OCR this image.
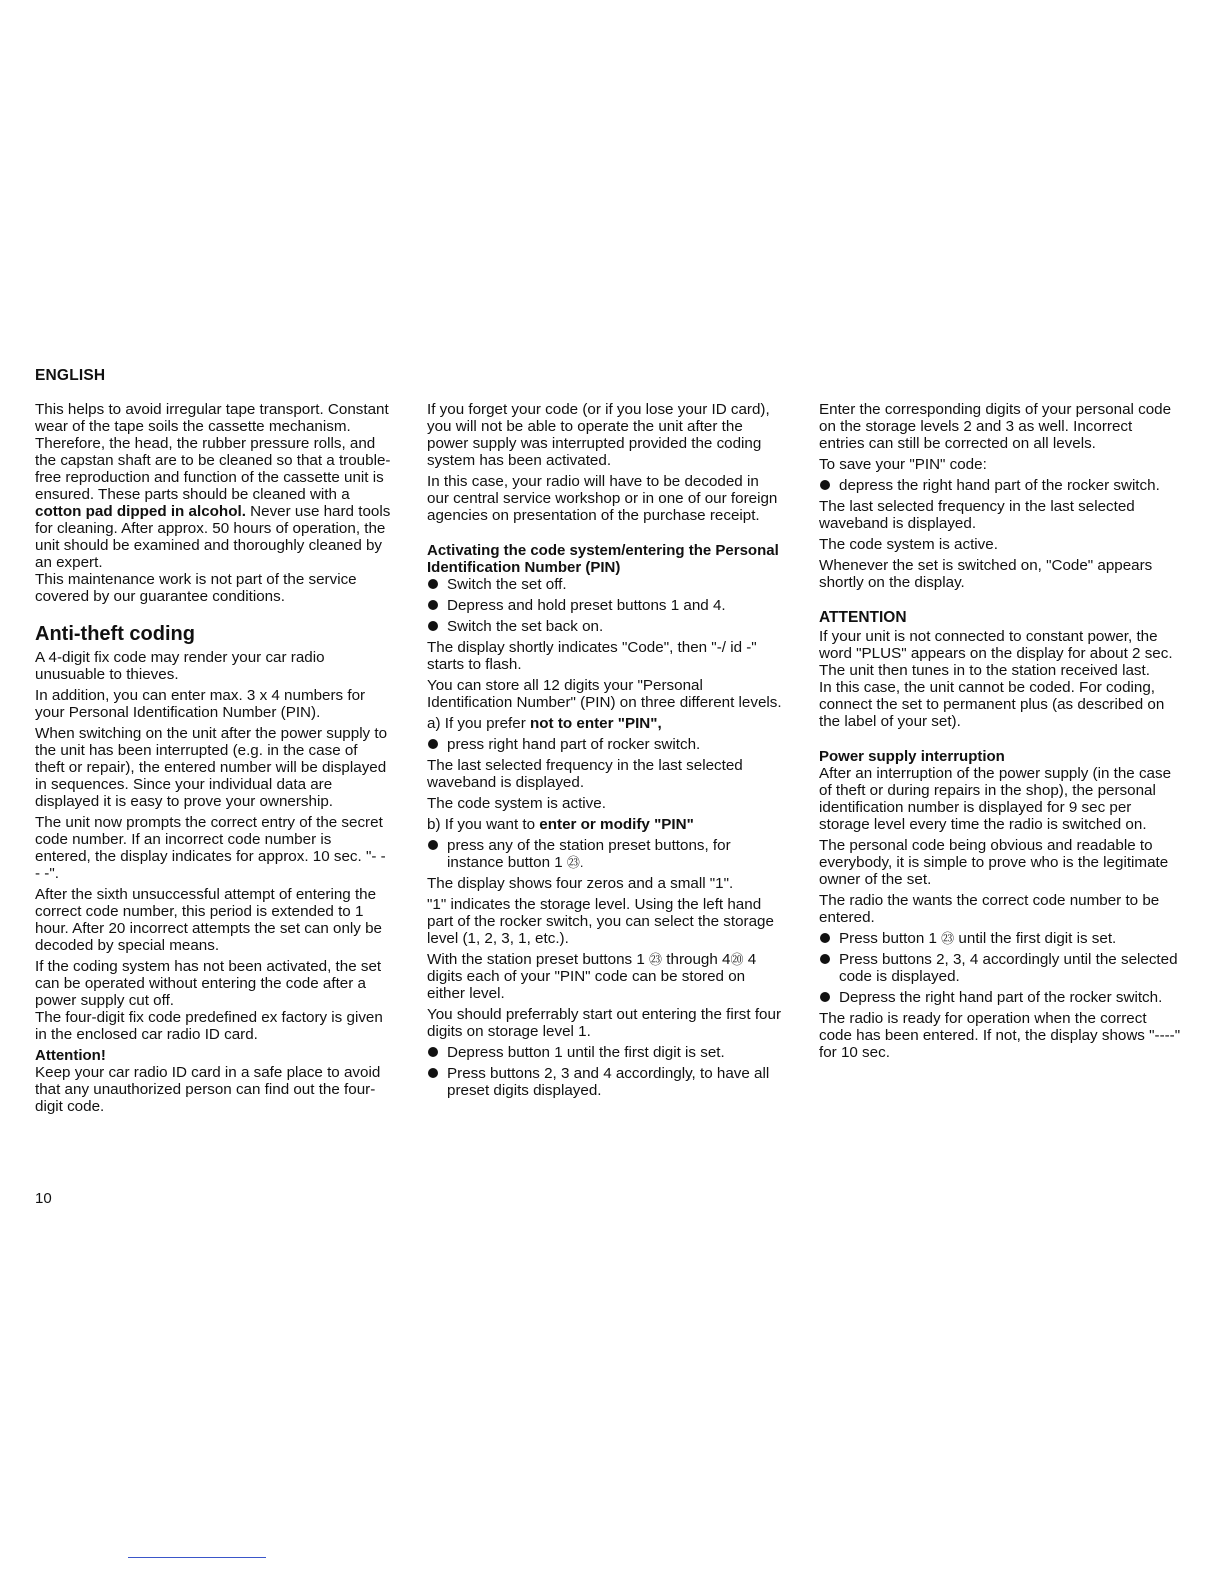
ENGLISH

This helps to avoid irregular tape transport. Constant wear of the tape soils the cassette mechanism. Therefore, the head, the rubber pressure rolls, and the capstan shaft are to be cleaned so that a trouble-free reproduction and function of the cassette unit is ensured. These parts should be cleaned with a cotton pad dipped in alcohol. Never use hard tools for cleaning. After approx. 50 hours of operation, the unit should be examined and thoroughly cleaned by an expert.

This maintenance work is not part of the service covered by our guarantee conditions.

Anti-theft coding

A 4-digit fix code may render your car radio unusuable to thieves.

In addition, you can enter max. 3 x 4 numbers for your Personal Identification Number (PIN).

When switching on the unit after the power supply to the unit has been interrupted (e.g. in the case of theft or repair), the entered number will be displayed in sequences. Since your individual data are displayed it is easy to prove your ownership.

The unit now prompts the correct entry of the secret code number. If an incorrect code number is entered, the display indicates for approx. 10 sec. "- - - -".

After the sixth unsuccessful attempt of entering the correct code number, this period is extended to 1 hour. After 20 incorrect attempts the set can only be decoded by special means.

If the coding system has not been activated, the set can be operated without entering the code after a power supply cut off.

The four-digit fix code predefined ex factory is given in the enclosed car radio ID card.

Attention!

Keep your car radio ID card in a safe place to avoid that any unauthorized person can find out the four-digit code.

If you forget your code (or if you lose your ID card), you will not be able to operate the unit after the power supply was interrupted provided the coding system has been activated.

In this case, your radio will have to be decoded in our central service workshop or in one of our foreign agencies on presentation of the purchase receipt.

Activating the code system/entering the Personal Identification Number (PIN)

Switch the set off.

Depress and hold preset buttons 1 and 4.

Switch the set back on.

The display shortly indicates "Code", then "-/ id -" starts to flash.

You can store all 12 digits your "Personal Identification Number" (PIN) on three different levels.

a) If you prefer not to enter "PIN",

press right hand part of rocker switch.

The last selected frequency in the last selected waveband is displayed.

The code system is active.

b) If you want to enter or modify "PIN"

press any of the station preset buttons, for instance button 1 ㉓.

The display shows four zeros and a small "1".

"1" indicates the storage level. Using the left hand part of the rocker switch, you can select the storage level (1, 2, 3, 1, etc.).

With the station preset buttons 1 ㉓ through 4⑳ 4 digits each of your "PIN" code can be stored on either level.

You should preferrably start out entering the first four digits on storage level 1.

Depress button 1 until the first digit is set.

Press buttons 2, 3 and 4 accordingly, to have all preset digits displayed.

Enter the corresponding digits of your personal code on the storage levels 2 and 3 as well. Incorrect entries can still be corrected on all levels.

To save your "PIN" code:

depress the right hand part of the rocker switch.

The last selected frequency in the last selected waveband is displayed.

The code system is active.

Whenever the set is switched on, "Code" appears shortly on the display.

ATTENTION

If your unit is not connected to constant power, the word "PLUS" appears on the display for about 2 sec.

The unit then tunes in to the station received last.

In this case, the unit cannot be coded. For coding, connect the set to permanent plus (as described on the label of your set).

Power supply interruption

After an interruption of the power supply (in the case of theft or during repairs in the shop), the personal identification number is displayed for 9 sec per storage level every time the radio is switched on.

The personal code being obvious and readable to everybody, it is simple to prove who is the legitimate owner of the set.

The radio the wants the correct code number to be entered.

Press button 1 ㉓ until the first digit is set.

Press buttons 2, 3, 4 accordingly until the selected code is displayed.

Depress the right hand part of the rocker switch.

The radio is ready for operation when the correct code has been entered. If not, the display shows "----" for 10 sec.

10
